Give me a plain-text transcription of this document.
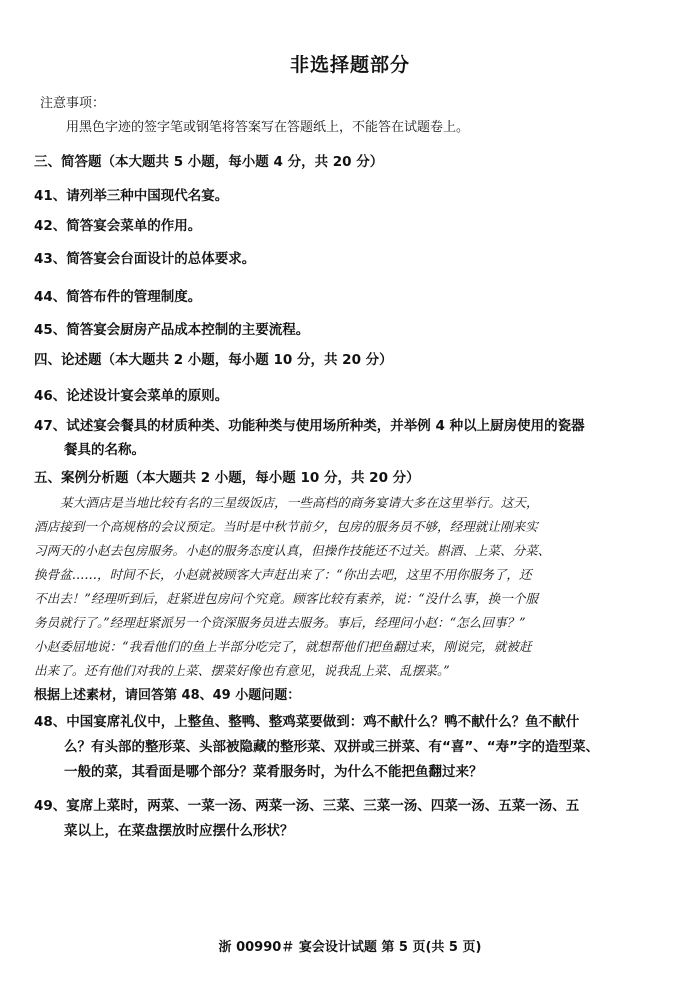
非选择题部分
注意事项：
用黑色字迹的签字笔或钢笔将答案写在答题纸上，不能答在试题卷上。
三、简答题（本大题共 5 小题，每小题 4 分，共 20 分）
41、请列举三种中国现代名宴。
42、简答宴会菜单的作用。
43、简答宴会台面设计的总体要求。
44、简答布件的管理制度。
45、简答宴会厨房产品成本控制的主要流程。
四、论述题（本大题共 2 小题，每小题 10 分，共 20 分）
46、论述设计宴会菜单的原则。
47、试述宴会餐具的材质种类、功能种类与使用场所种类，并举例 4 种以上厨房使用的瓷器
餐具的名称。
五、案例分析题（本大题共 2 小题，每小题 10 分，共 20 分）
某大酒店是当地比较有名的三星级饭店，一些高档的商务宴请大多在这里举行。这天，
酒店接到一个高规格的会议预定。当时是中秋节前夕，包房的服务员不够，经理就让刚来实
习两天的小赵去包房服务。小赵的服务态度认真，但操作技能还不过关。斟酒、上菜、分菜、
换骨盆……，时间不长，小赵就被顾客大声赶出来了：“你出去吧，这里不用你服务了，还
不出去！”经理听到后，赶紧进包房问个究竟。顾客比较有素养，说：“没什么事，换一个服
务员就行了。”经理赶紧派另一个资深服务员进去服务。事后，经理问小赵：“怎么回事？”
小赵委屈地说：“我看他们的鱼上半部分吃完了，就想帮他们把鱼翻过来，刚说完，就被赶
出来了。还有他们对我的上菜、摆菜好像也有意见，说我乱上菜、乱摆菜。”
根据上述素材，请回答第 48、49 小题问题：
48、中国宴席礼仪中，上整鱼、整鸭、整鸡菜要做到：鸡不献什么？鸭不献什么？鱼不献什
么？有头部的整形菜、头部被隐藏的整形菜、双拼或三拼菜、有“喜”、“寿”字的造型菜、
一般的菜，其看面是哪个部分？菜肴服务时，为什么不能把鱼翻过来？
49、宴席上菜时，两菜、一菜一汤、两菜一汤、三菜、三菜一汤、四菜一汤、五菜一汤、五
菜以上，在菜盘摆放时应摆什么形状？
浙 00990＃ 宴会设计试题 第 5 页(共 5 页)
